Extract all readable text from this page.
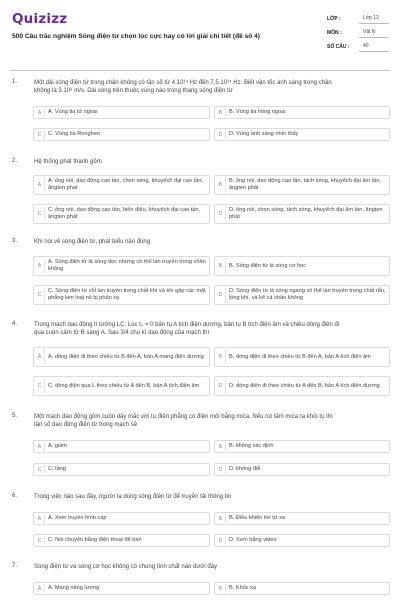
Quizizz
500 Câu trắc nghiệm Sóng điện từ chọn lọc cực hay có lời giải chi tiết (đề số 4)
LỚP :	Lớp 12
MÔN :	Vật lý
SỐ CÂU :	40
1.	Một dải sóng điện từ trong chân không có tần số từ 4.10¹⁴ Hz đến 7,5.10¹⁴ Hz. Biết vận tốc ánh sáng trong chân
không là 3.10⁸ m/s. Dải sóng trên thuộc vùng nào trong thang sóng điện từ
A	A. Vùng tia tử ngoại	B	B. Vùng tia hồng ngoại
C	C. Vùng tia Ronghen	D	D. Vùng ánh sáng nhìn thấy
2.	Hệ thống phát thanh gồm
A
A. ống nói, dao động cao tần, chọn sóng, khuyếch đại cao tần, ăngten phát	B
B. ống nói, dao động cao tần, tách sóng, khuyếch đại âm tần, ăngten phát
C
C. ống nói, dao động cao tần, biến điệu, khuyếch đại cao tần, ăngten phát	D
D. ống nói, chọn sóng, tách sóng, khuyếch đại âm tần, ăngten phát
3.	Khi nói về sóng điện từ, phát biểu nào đúng
A
A. Sóng điện từ là sóng dọc nhưng có thể lan truyền trong chân không	B	B. Sóng điện từ là sóng cơ học
C
C. Sóng điện từ chỉ lan truyền trong chất khí và khi gặp các mặt phẳng kim loại nó bị phản xạ	D
D. Sóng điện từ là sóng ngang có thể lan truyền trong chất rắn, lỏng khí, và kể cả chân không
4.	Trong mạch dao động lí tưởng LC. Lúc t₀ = 0 bản tụ A tích điện dương, bản tụ B tích điện âm và chiều dòng điện đi
qua cuộn cảm từ B sang A. Sau 3/4 chu kì dao động của mạch thì
A	A. dòng điện đi theo chiều từ B đến A, bản A mang điện dương	B	B. dòng điện đi theo chiều từ B đến A, bản A tích điện âm
C	C. dòng điện qua L theo chiều từ A đến B, bản A tích điện âm	D	D. dòng điện đi theo chiều từ A đến B, bản A tích điện dương
5.	Một mạch dao động gồm cuộn dây mắc với tụ điện phẳng có điện môi bằng mica. Nếu rút tấm mica ra khỏi tụ thì
tần số dao động điện từ trong mạch sẽ
A	A. giảm	B	B. không xác định
C	C. tăng	D	D. không đổi
6.	Trong việc nào sau đây, người ta dùng sóng điện từ để truyền tải thông tin
A	A. Xem truyền hình cáp	B	B. Điều khiển tivi từ xa
C	C. Nói chuyện bằng điện thoại để bàn	D	D. Xem băng video
7.	Sóng điện từ và sóng cơ học không có chung tính chất nào dưới đây
A	A. Mang năng lượng	B	B. Khúc xạ
